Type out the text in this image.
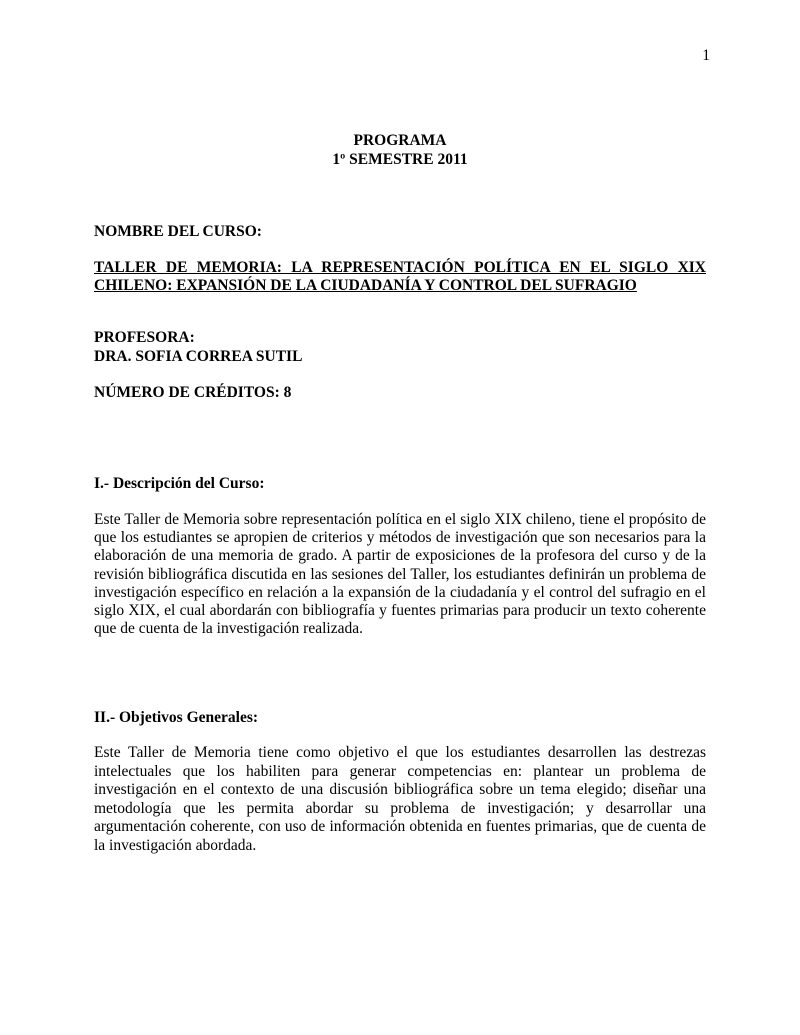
1
PROGRAMA
1º SEMESTRE 2011
NOMBRE DEL CURSO:
TALLER DE MEMORIA: LA REPRESENTACIÓN POLÍTICA EN EL SIGLO XIX CHILENO: EXPANSIÓN DE LA CIUDADANÍA Y CONTROL DEL SUFRAGIO
PROFESORA:
DRA. SOFIA CORREA SUTIL
NÚMERO DE CRÉDITOS: 8
I.- Descripción del Curso:
Este Taller de Memoria sobre representación política en el siglo XIX chileno, tiene el propósito de que los estudiantes se apropien de criterios y métodos de investigación que son necesarios para la elaboración de una memoria de grado. A partir de exposiciones de la profesora del curso y de la revisión bibliográfica discutida en las sesiones del Taller, los estudiantes definirán un problema de investigación específico en relación a la expansión de la ciudadanía y el control del sufragio en el siglo XIX, el cual abordarán con bibliografía y fuentes primarias para producir un texto coherente que de cuenta de la investigación realizada.
II.- Objetivos Generales:
Este Taller de Memoria tiene como objetivo el que los estudiantes desarrollen las destrezas intelectuales que los habiliten para generar competencias en: plantear un problema de investigación en el contexto de una discusión bibliográfica sobre un tema elegido; diseñar una metodología que les permita abordar su problema de investigación; y desarrollar una argumentación coherente, con uso de información obtenida en fuentes primarias, que de cuenta de la investigación abordada.
